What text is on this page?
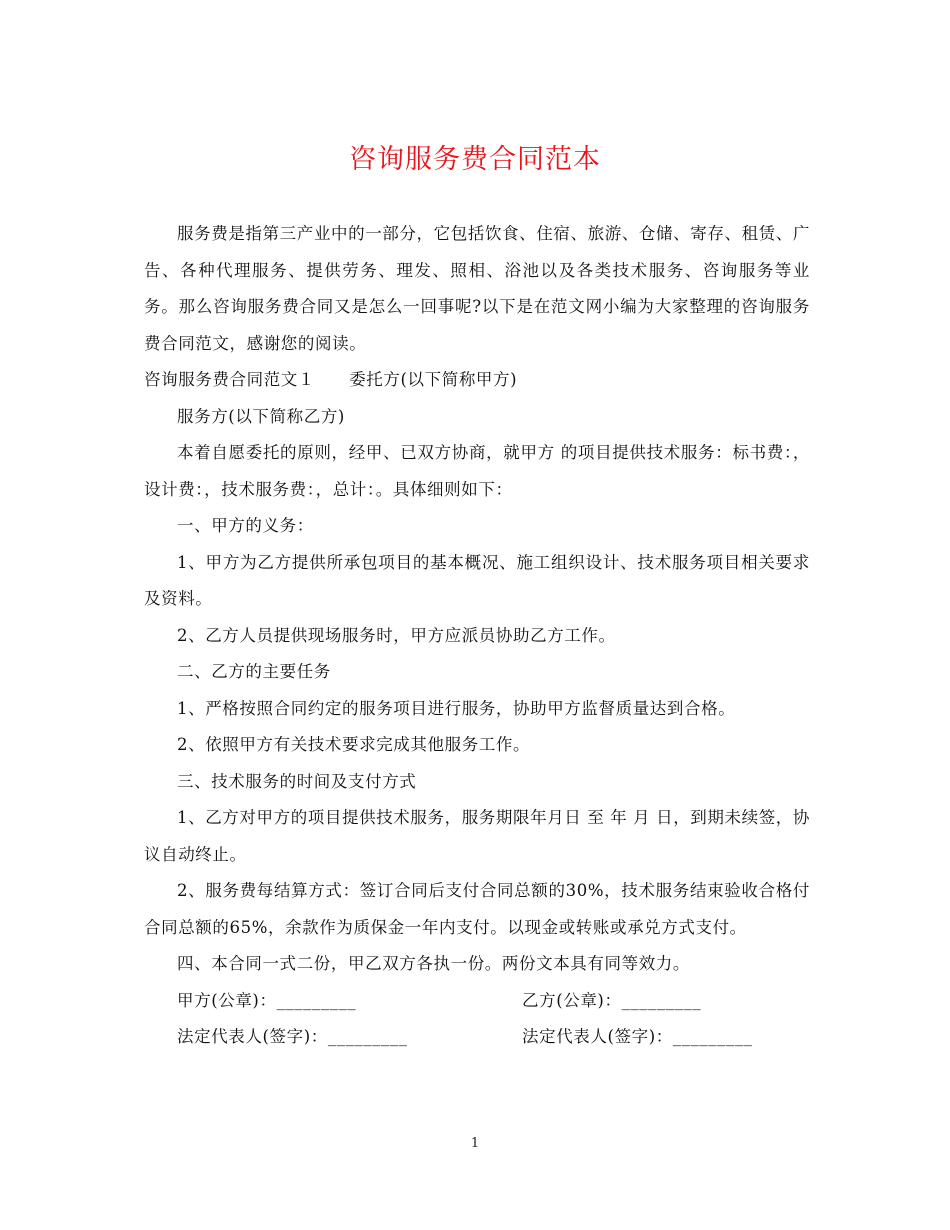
咨询服务费合同范本

服务费是指第三产业中的一部分，它包括饮食、住宿、旅游、仓储、寄存、租赁、广告、各种代理服务、提供劳务、理发、照相、浴池以及各类技术服务、咨询服务等业务。那么咨询服务费合同又是怎么一回事呢?以下是在范文网小编为大家整理的咨询服务费合同范文，感谢您的阅读。

咨询服务费合同范文１　　委托方(以下简称甲方)

服务方(以下简称乙方)

本着自愿委托的原则，经甲、已双方协商，就甲方 的项目提供技术服务：标书费：，设计费：，技术服务费：，总计：。具体细则如下：

一、甲方的义务：

1、甲方为乙方提供所承包项目的基本概况、施工组织设计、技术服务项目相关要求及资料。

2、乙方人员提供现场服务时，甲方应派员协助乙方工作。

二、乙方的主要任务

1、严格按照合同约定的服务项目进行服务，协助甲方监督质量达到合格。

2、依照甲方有关技术要求完成其他服务工作。

三、技术服务的时间及支付方式

1、乙方对甲方的项目提供技术服务，服务期限年月日 至 年 月 日，到期未续签，协议自动终止。

2、服务费每结算方式：签订合同后支付合同总额的30%，技术服务结束验收合格付合同总额的65%，余款作为质保金一年内支付。以现金或转账或承兑方式支付。

四、本合同一式二份，甲乙双方各执一份。两份文本具有同等效力。

甲方(公章)：_________	乙方(公章)：_________
法定代表人(签字)：_________	法定代表人(签字)：_________
1
